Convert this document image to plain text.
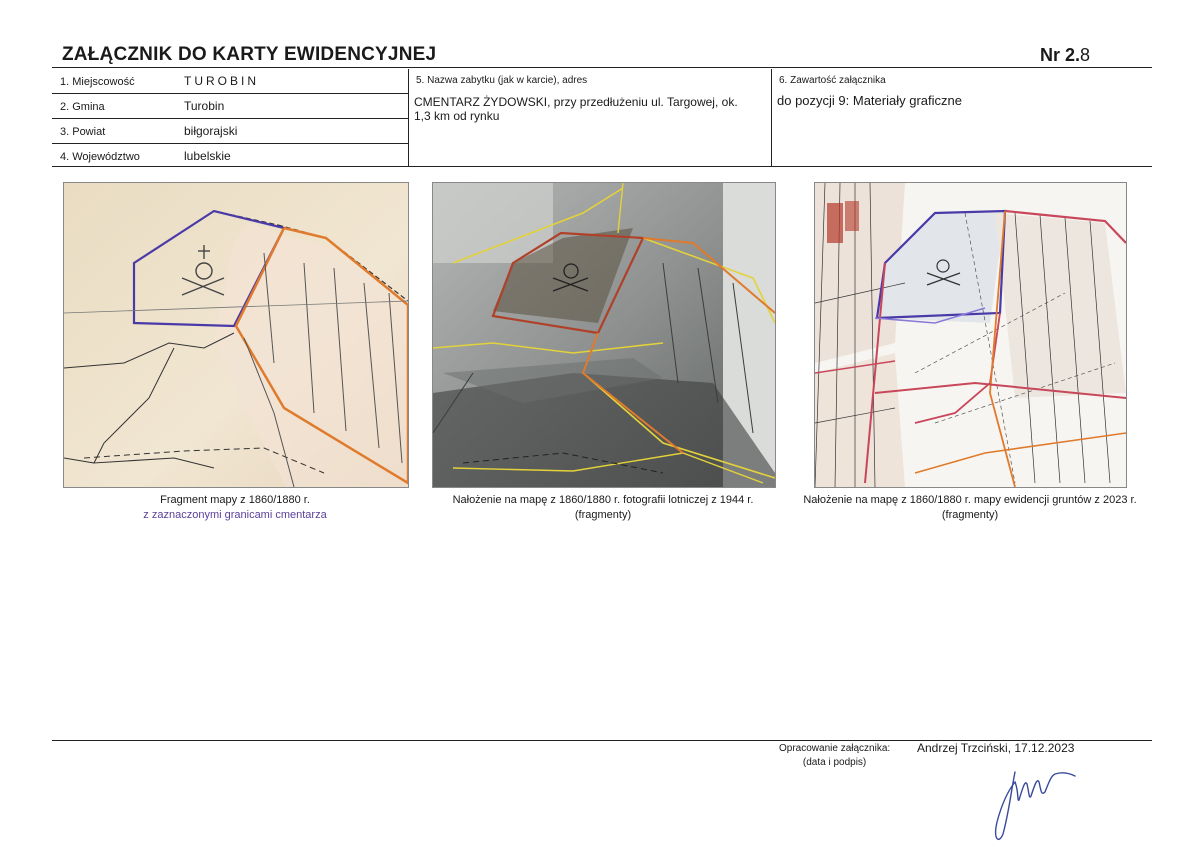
ZAŁĄCZNIK DO KARTY EWIDENCYJNEJ	Nr 2.8
1. Miejscowość	TUROBIN
2. Gmina	Turobin
3. Powiat	biłgorajski
4. Województwo	lubelskie
5. Nazwa zabytku (jak w karcie), adres
CMENTARZ ŻYDOWSKI, przy przedłużeniu ul. Targowej, ok. 1,3 km od rynku
6. Zawartość załącznika
do pozycji 9: Materiały graficzne
Fragment mapy z 1860/1880 r.
z zaznaczonymi granicami cmentarza
Nałożenie na mapę z 1860/1880 r. fotografii lotniczej z 1944 r.
(fragmenty)
Nałożenie na mapę z 1860/1880 r. mapy ewidencji gruntów z 2023 r.
(fragmenty)
Opracowanie załącznika:
(data i podpis)
Andrzej Trzciński, 17.12.2023
